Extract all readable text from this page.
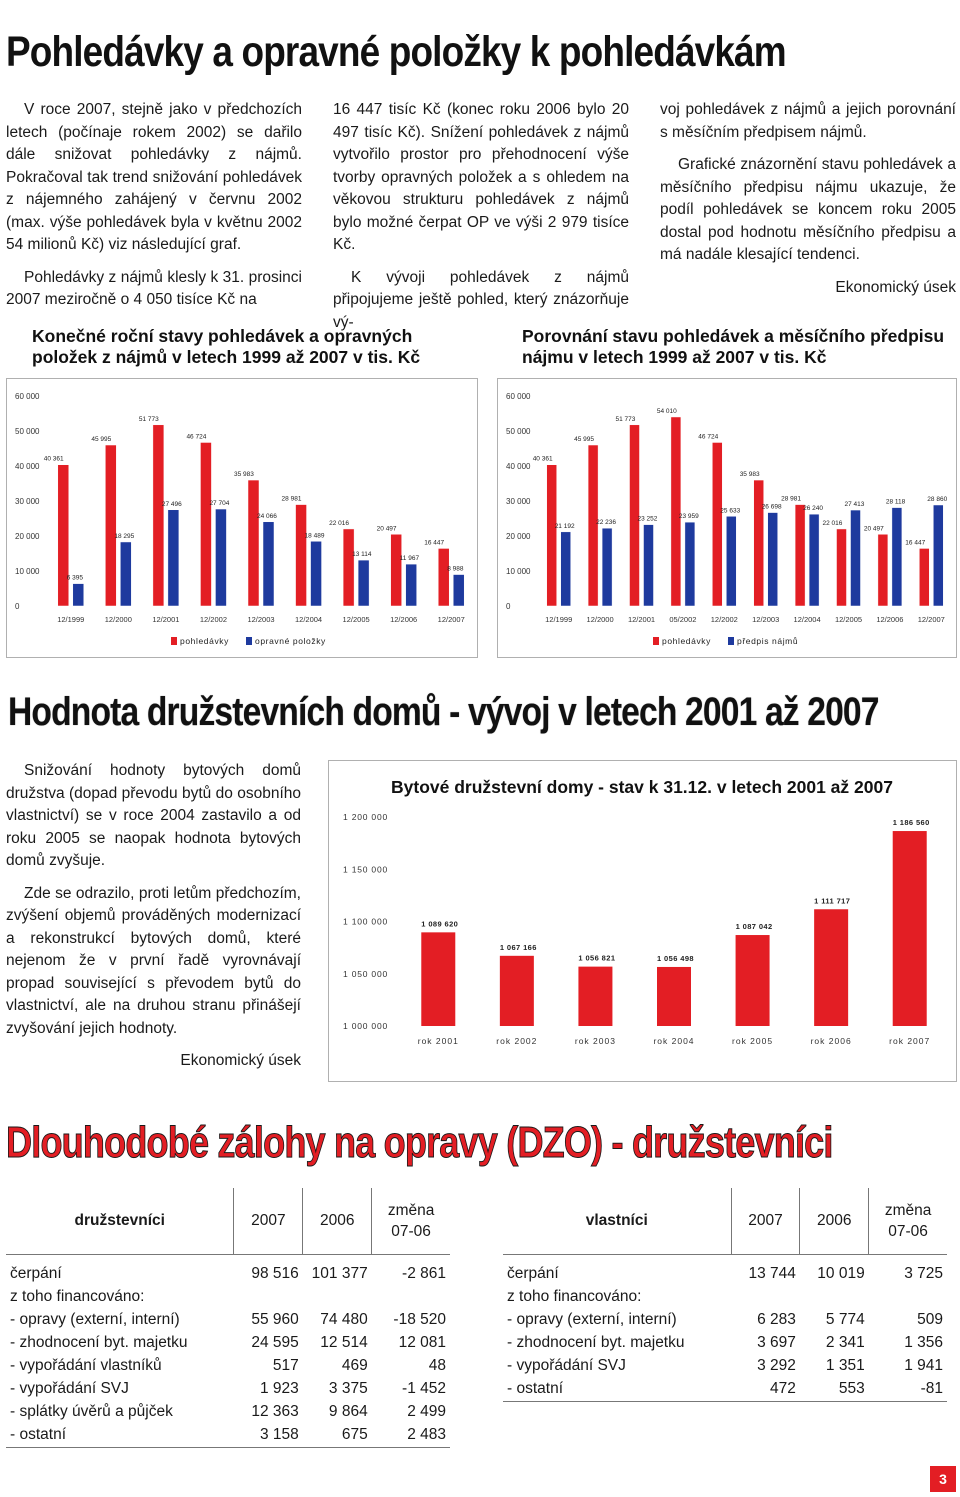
Pohledávky a opravné položky k pohledávkám

V roce 2007, stejně jako v předchozích letech (počínaje rokem 2002) se dařilo dále snižovat pohledávky z nájmů. Pokračoval tak trend snižování pohledávek z nájemného zahájený v červnu 2002 (max. výše pohledávek byla v květnu 2002 54 milionů Kč) viz následující graf.

Pohledávky z nájmů klesly k 31. prosinci 2007 meziročně o 4 050 tisíce Kč na

16 447 tisíc Kč (konec roku 2006 bylo 20 497 tisíc Kč). Snížení pohledávek z nájmů vytvořilo prostor pro přehodnocení výše tvorby opravných položek a s ohledem na věkovou strukturu pohledávek z nájmů bylo možné čerpat OP ve výši 2 979 tisíce Kč.

K vývoji pohledávek z nájmů připojujeme ještě pohled, který znázorňuje vý-

voj pohledávek z nájmů a jejich porovnání s měsíčním předpisem nájmů.

Grafické znázornění stavu pohledávek a měsíčního předpisu nájmu ukazuje, že podíl pohledávek se koncem roku 2005 dostal pod hodnotu měsíčního předpisu a má nadále klesající tendenci.

Ekonomický úsek

Konečné roční stavy pohledávek a opravných položek z nájmů v letech 1999 až 2007 v tis. Kč
Porovnání stavu pohledávek a měsíčního předpisu nájmu v letech 1999 až 2007 v tis. Kč
0
10 000
20 000
30 000
40 000
50 000
60 000
12/1999
40 361
6 395
12/2000
45 995
18 295
12/2001
51 773
27 496
12/2002
46 724
27 704
12/2003
35 983
24 066
12/2004
28 981
18 489
12/2005
22 016
13 114
12/2006
20 497
11 967
12/2007
16 447
8 988
pohledávky	opravné položky
0
10 000
20 000
30 000
40 000
50 000
60 000
12/1999
40 361
21 192
12/2000
45 995
22 236
12/2001
51 773
23 252
05/2002
54 010
23 959
12/2002
46 724
25 633
12/2003
35 983
26 698
12/2004
28 981
26 240
12/2005
22 016
27 413
12/2006
20 497
28 118
12/2007
16 447
28 860
pohledávky	předpis nájmů
Hodnota družstevních domů - vývoj v letech 2001 až 2007

Snižování hodnoty bytových domů družstva (dopad převodu bytů do osobního vlastnictví) se v roce 2004 zastavilo a od roku 2005 se naopak hodnota bytových domů zvyšuje.

Zde se odrazilo, proti letům předchozím, zvýšení objemů prováděných modernizací a rekonstrukcí bytových domů, které nejenom že v první řadě vyrovnávají propad související s převodem bytů do vlastnictví, ale na druhou stranu přinášejí zvyšování jejich hodnoty.

Ekonomický úsek

Bytové družstevní domy - stav k 31.12. v letech 2001 až 2007
1 000 000
1 050 000
1 100 000
1 150 000
1 200 000
1 089 620
rok 2001
1 067 166
rok 2002
1 056 821
rok 2003
1 056 498
rok 2004
1 087 042
rok 2005
1 111 717
rok 2006
1 186 560
rok 2007
Dlouhodobé zálohy na opravy (DZO) - družstevníci
družstevníci	2007	2006	změna 07-06
čerpání	98 516	101 377	-2 861
z toho financováno:			
- opravy (externí, interní)	55 960	74 480	-18 520
- zhodnocení byt. majetku	24 595	12 514	12 081
- vypořádání vlastníků	517	469	48
- vypořádání SVJ	1 923	3 375	-1 452
- splátky úvěrů a půjček	12 363	9 864	2 499
- ostatní	3 158	675	2 483
vlastníci	2007	2006	změna 07-06
čerpání	13 744	10 019	3 725
z toho financováno:			
- opravy (externí, interní)	6 283	5 774	509
- zhodnocení byt. majetku	3 697	2 341	1 356
- vypořádání SVJ	3 292	1 351	1 941
- ostatní	472	553	-81
3
